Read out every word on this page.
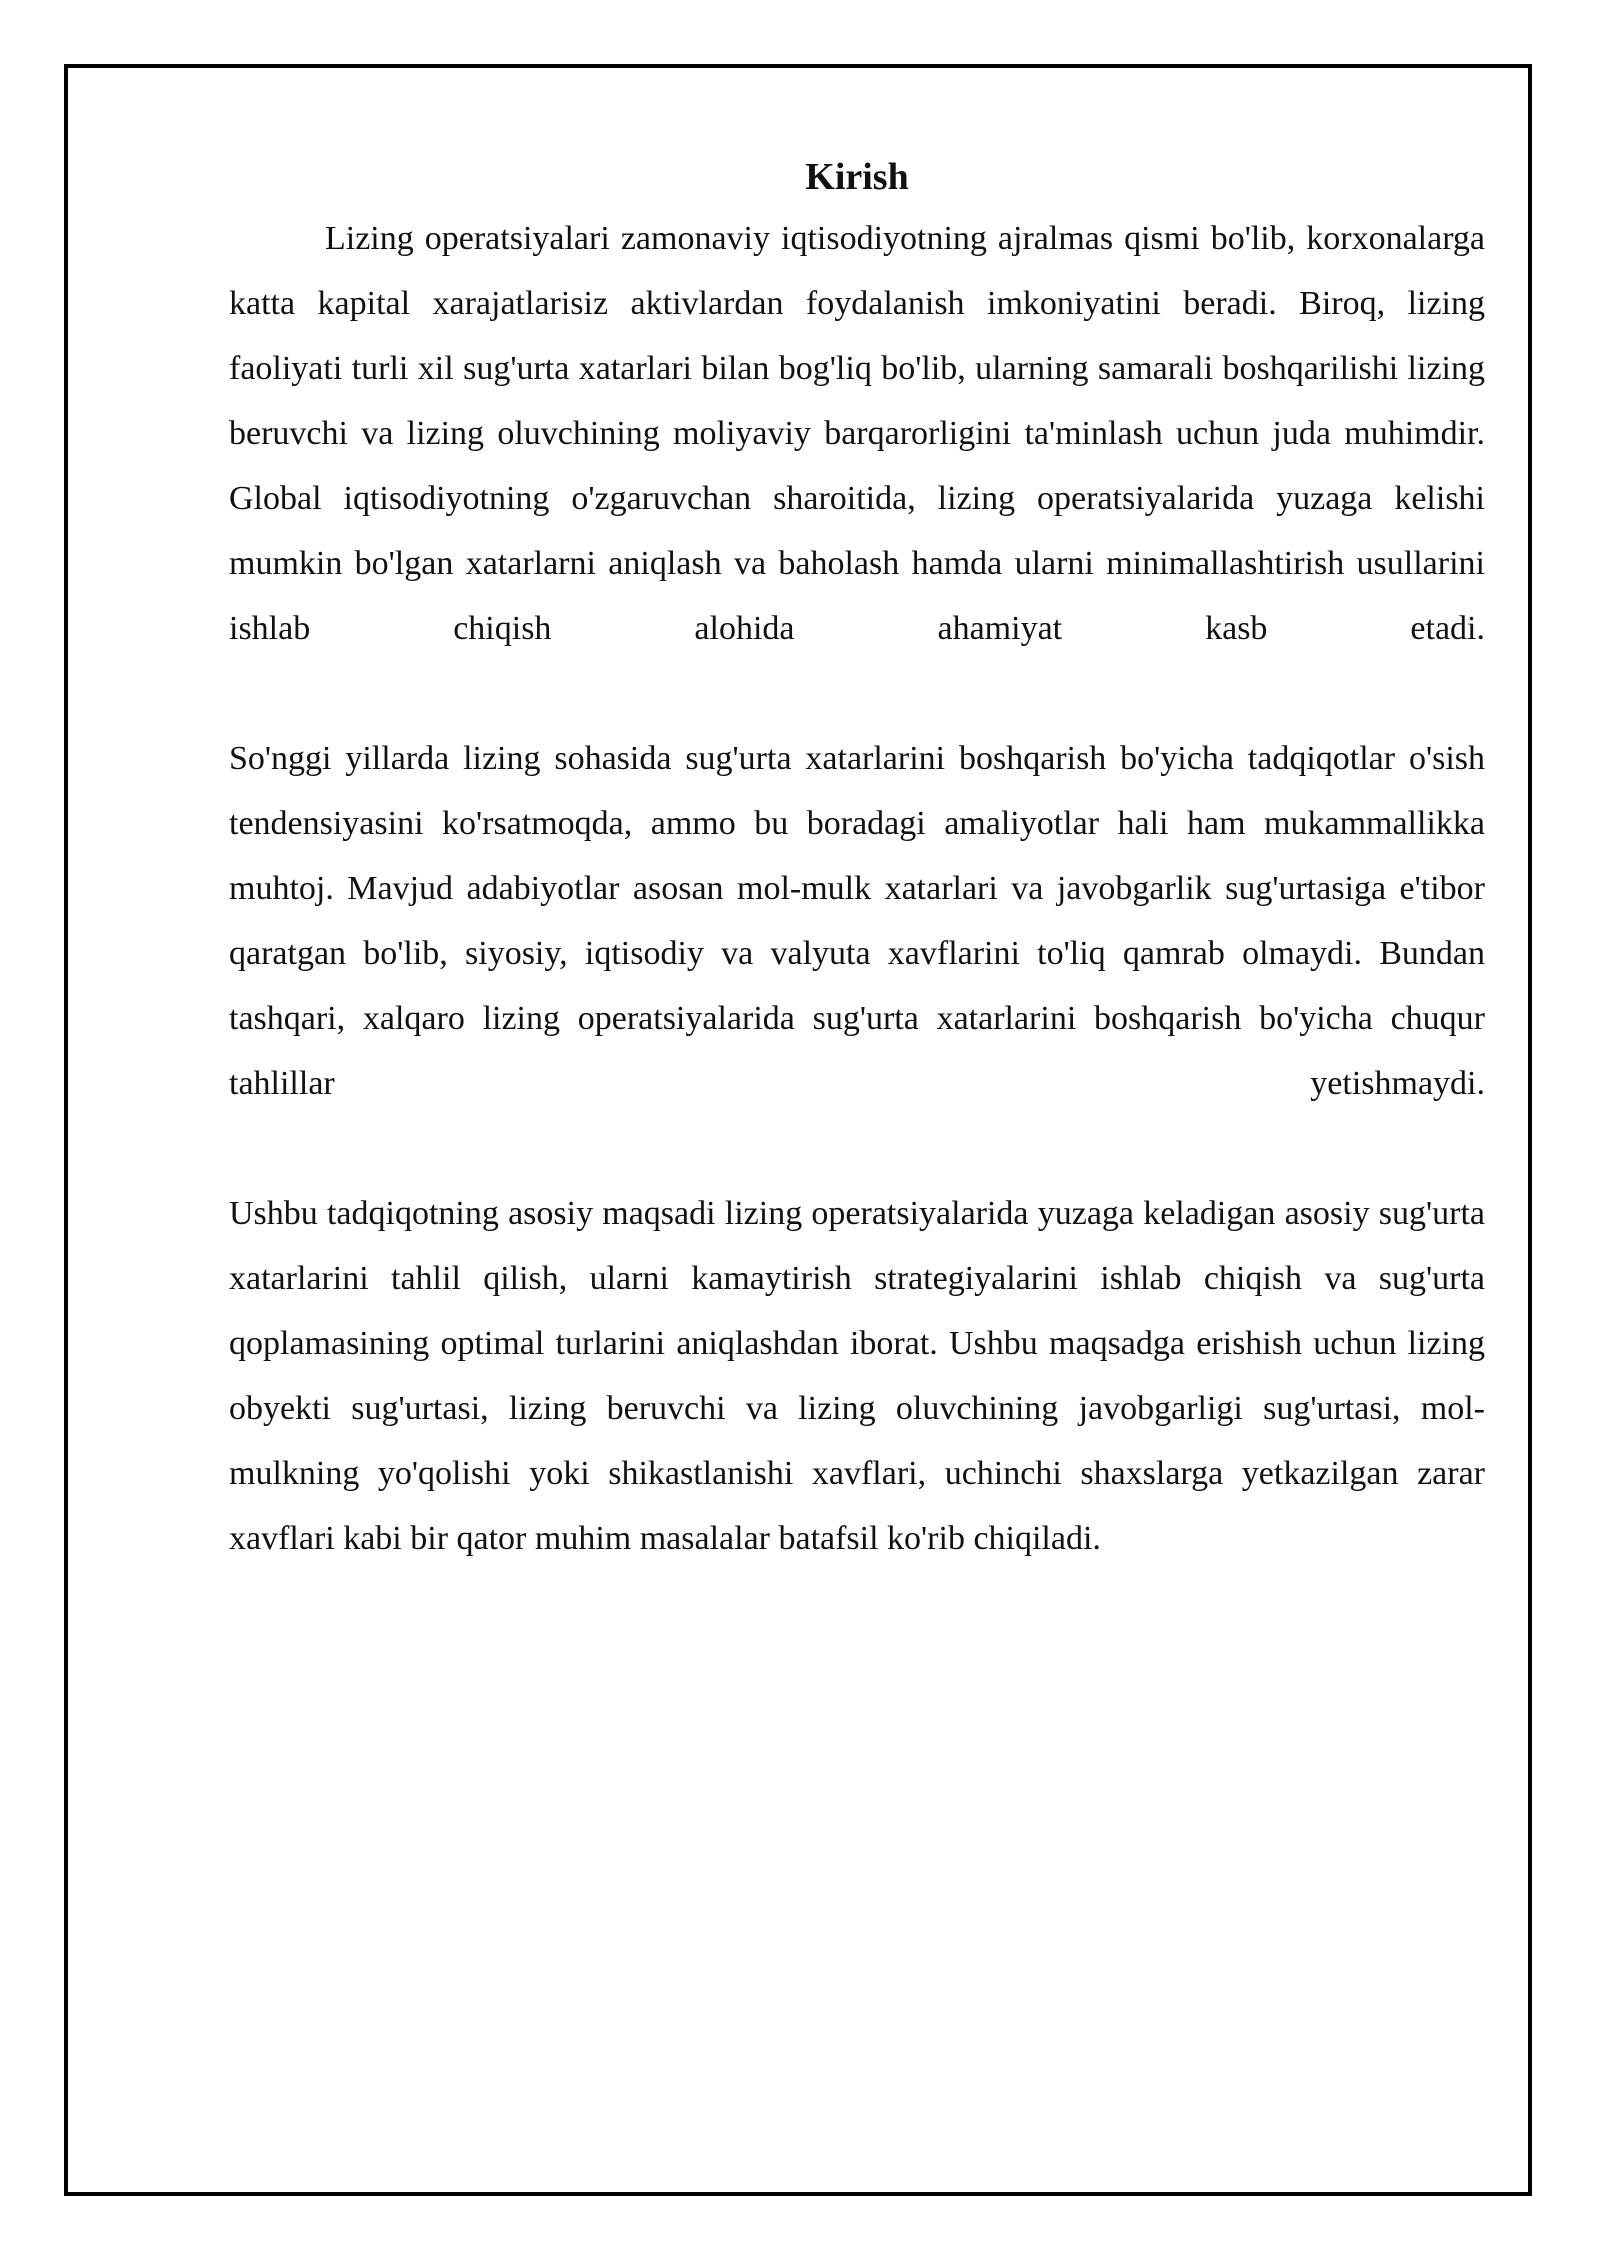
Kirish

Lizing operatsiyalari zamonaviy iqtisodiyotning ajralmas qismi bo'lib, korxonalarga katta kapital xarajatlarisiz aktivlardan foydalanish imkoniyatini beradi. Biroq, lizing faoliyati turli xil sug'urta xatarlari bilan bog'liq bo'lib, ularning samarali boshqarilishi lizing beruvchi va lizing oluvchining moliyaviy barqarorligini ta'minlash uchun juda muhimdir. Global iqtisodiyotning o'zgaruvchan sharoitida, lizing operatsiyalarida yuzaga kelishi mumkin bo'lgan xatarlarni aniqlash va baholash hamda ularni minimallashtirish usullarini ishlab chiqish alohida ahamiyat kasb etadi.

So'nggi yillarda lizing sohasida sug'urta xatarlarini boshqarish bo'yicha tadqiqotlar o'sish tendensiyasini ko'rsatmoqda, ammo bu boradagi amaliyotlar hali ham mukammallikka muhtoj. Mavjud adabiyotlar asosan mol-mulk xatarlari va javobgarlik sug'urtasiga e'tibor qaratgan bo'lib, siyosiy, iqtisodiy va valyuta xavflarini to'liq qamrab olmaydi. Bundan tashqari, xalqaro lizing operatsiyalarida sug'urta xatarlarini boshqarish bo'yicha chuqur tahlillar yetishmaydi.

Ushbu tadqiqotning asosiy maqsadi lizing operatsiyalarida yuzaga keladigan asosiy sug'urta xatarlarini tahlil qilish, ularni kamaytirish strategiyalarini ishlab chiqish va sug'urta qoplamasining optimal turlarini aniqlashdan iborat. Ushbu maqsadga erishish uchun lizing obyekti sug'urtasi, lizing beruvchi va lizing oluvchining javobgarligi sug'urtasi, mol-mulkning yo'qolishi yoki shikastlanishi xavflari, uchinchi shaxslarga yetkazilgan zarar xavflari kabi bir qator muhim masalalar batafsil ko'rib chiqiladi.
